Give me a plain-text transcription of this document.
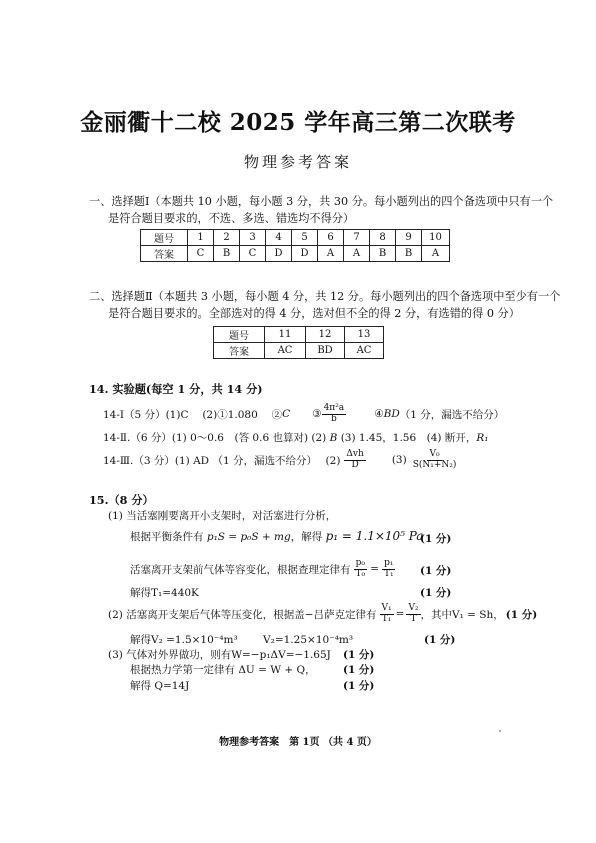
金丽衢十二校 2025 学年高三第二次联考
物理参考答案
一、选择题Ⅰ（本题共 10 小题，每小题 3 分，共 30 分。每小题列出的四个备选项中只有一个
是符合题目要求的，不选、多选、错选均不得分）
题号	1	2	3	4	5	6	7	8	9	10
答案	C	B	C	D	D	A	A	B	B	A
二、选择题Ⅱ（本题共 3 小题，每小题 4 分，共 12 分。每小题列出的四个备选项中至少有一个
是符合题目要求的。全部选对的得 4 分，选对但不全的得 2 分，有选错的得 0 分）
题号	11	12	13
答案	AC	BD	AC
14. 实验题(每空 1 分，共 14 分)
14-Ⅰ（5 分）(1)C　 (2)①1.080　 ② C ③ $\frac{\text{4π²a}}{b}$	④ BD （1 分，漏选不给分）
14-Ⅱ.（6 分）(1) 0～0.6　(答 0.6 也算对) (2) B (3) 1.45，1.56　(4) 断开，R₁
14-Ⅲ.（3 分）(1) AD （1 分，漏选不给分）　 $(2) \frac{\text{Δvh}}{D} (3) \frac{\text{V₀}}{\text{S(N₁+N₂)}}$
15.（8 分）
(1) 当活塞刚要离开小支架时，对活塞进行分析，
根据平衡条件有 p₁S = p₀S + mg，解得 p₁ = 1.1×10⁵ Pa
(1 分)
活塞离开支架前气体等容变化，根据查理定律有 $\frac{\text{p₀}}{\text{T₀}} = \frac{\text{p₁}}{\text{T₁}} (1$ 分)
解得T₁=440K	(1 分)
(2) 活塞离开支架后气体等压变化，根据盖−吕萨克定律有 $\frac{\text{V₁}}{\text{T₁}} = \frac{\text{V₂}}{T}$ ，其中V₁ = Sh， (1 分)
解得V₂ =1.5×10⁻⁴m³ V₂=1.25×10⁻⁴m³	(1 分)
(3) 气体对外界做功，则有W=−p₁ΔV=−1.65J (1 分)
根据热力学第一定律有 ΔU = W + Q，	(1 分)
解得 Q=14J	(1 分)
物理参考答案　第 1页 （共 4 页）
